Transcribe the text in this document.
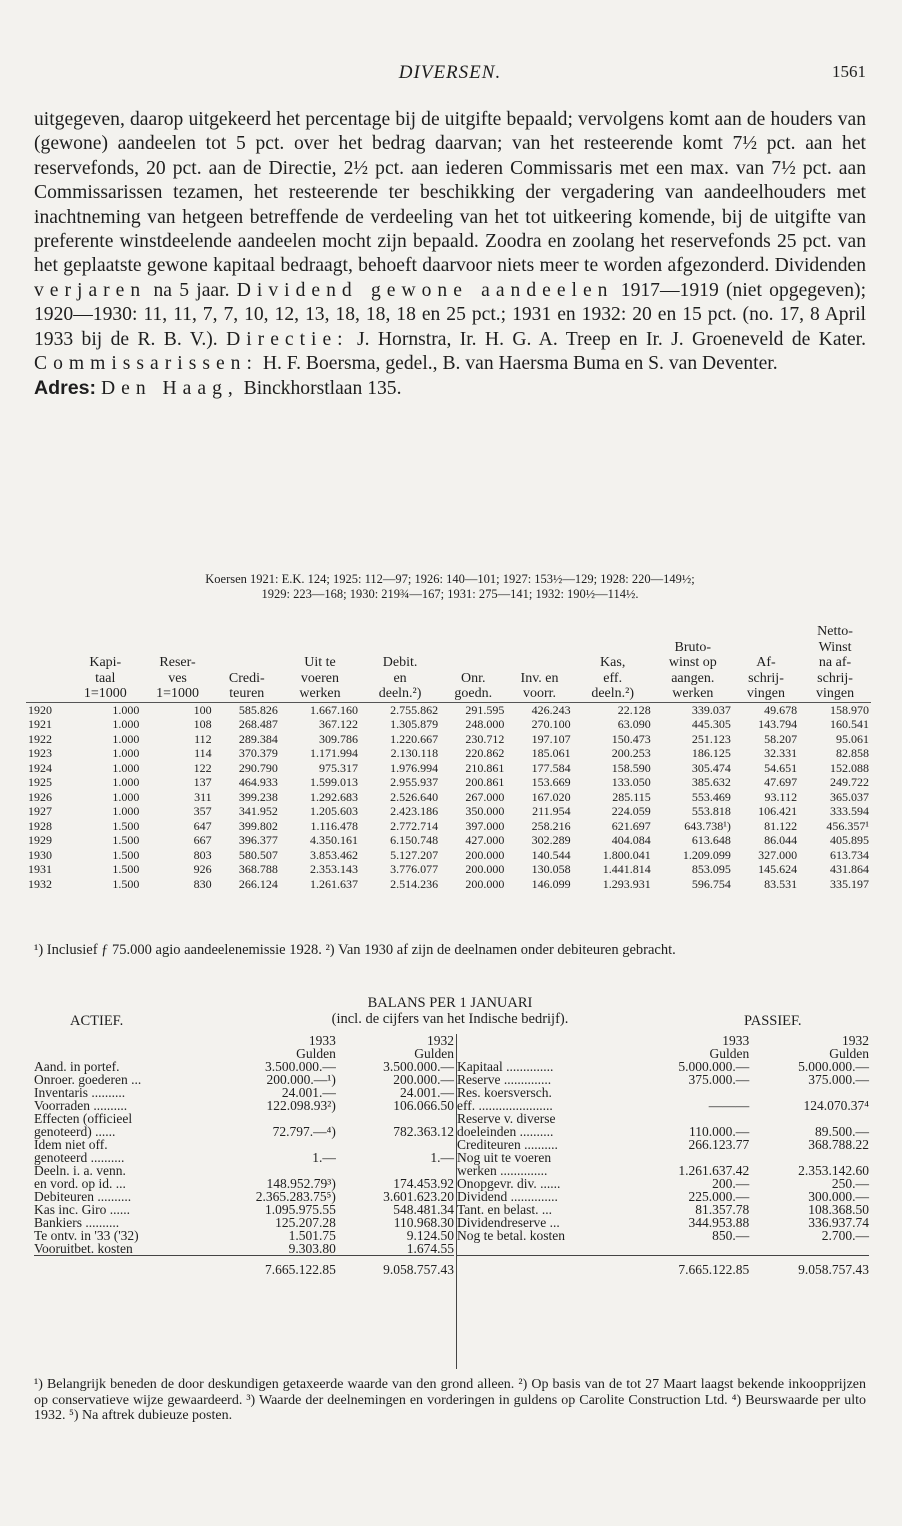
DIVERSEN.	1561

uitgegeven, daarop uitgekeerd het percentage bij de uitgifte bepaald; vervolgens komt aan de houders van (gewone) aandeelen tot 5 pct. over het bedrag daarvan; van het resteerende komt 7½ pct. aan het reservefonds, 20 pct. aan de Directie, 2½ pct. aan iederen Commissaris met een max. van 7½ pct. aan Commissarissen tezamen, het resteerende ter beschikking der vergadering van aandeelhouders met inachtneming van hetgeen betreffende de verdeeling van het tot uitkeering komende, bij de uitgifte van preferente winstdeelende aandeelen mocht zijn bepaald. Zoodra en zoolang het reservefonds 25 pct. van het geplaatste gewone kapitaal bedraagt, behoeft daarvoor niets meer te worden afgezonderd. Dividenden verjaren na 5 jaar. Dividend gewone aandeelen 1917—1919 (niet opgegeven); 1920—1930: 11, 11, 7, 7, 10, 12, 13, 18, 18, 18 en 25 pct.; 1931 en 1932: 20 en 15 pct. (no. 17, 8 April 1933 bij de R. B. V.). Directie: J. Hornstra, Ir. H. G. A. Treep en Ir. J. Groeneveld de Kater. Commissarissen: H. F. Boersma, gedel., B. van Haersma Buma en S. van Deventer.

Adres: Den Haag, Binckhorstlaan 135.

Koersen 1921: E.K. 124; 1925: 112—97; 1926: 140—101; 1927: 153½—129; 1928: 220—149½;
1929: 223—168; 1930: 219¾—167; 1931: 275—141; 1932: 190½—114½.
											Netto-
									Bruto-		Winst
	Kapi-	Reser-		Uit te	Debit.			Kas,	winst op	Af-	na af-
	taal	ves	Credi-	voeren	en	Onr.	Inv. en	eff.	aangen.	schrij-	schrij-
	1=1000	1=1000	teuren	werken	deeln.²)	goedn.	voorr.	deeln.²)	werken	vingen	vingen
1920	1.000	100	585.826	1.667.160	2.755.862	291.595	426.243	22.128	339.037	49.678	158.970
1921	1.000	108	268.487	367.122	1.305.879	248.000	270.100	63.090	445.305	143.794	160.541
1922	1.000	112	289.384	309.786	1.220.667	230.712	197.107	150.473	251.123	58.207	95.061
1923	1.000	114	370.379	1.171.994	2.130.118	220.862	185.061	200.253	186.125	32.331	82.858
1924	1.000	122	290.790	975.317	1.976.994	210.861	177.584	158.590	305.474	54.651	152.088
1925	1.000	137	464.933	1.599.013	2.955.937	200.861	153.669	133.050	385.632	47.697	249.722
1926	1.000	311	399.238	1.292.683	2.526.640	267.000	167.020	285.115	553.469	93.112	365.037
1927	1.000	357	341.952	1.205.603	2.423.186	350.000	211.954	224.059	553.818	106.421	333.594
1928	1.500	647	399.802	1.116.478	2.772.714	397.000	258.216	621.697	643.738¹)	81.122	456.357¹
1929	1.500	667	396.377	4.350.161	6.150.748	427.000	302.289	404.084	613.648	86.044	405.895
1930	1.500	803	580.507	3.853.462	5.127.207	200.000	140.544	1.800.041	1.209.099	327.000	613.734
1931	1.500	926	368.788	2.353.143	3.776.077	200.000	130.058	1.441.814	853.095	145.624	431.864
1932	1.500	830	266.124	1.261.637	2.514.236	200.000	146.099	1.293.931	596.754	83.531	335.197
¹) Inclusief ƒ 75.000 agio aandeelenemissie 1928. ²) Van 1930 af zijn de deelnamen onder debiteuren gebracht.
BALANS PER 1 JANUARI
(incl. de cijfers van het Indische bedrijf).
ACTIEF.	PASSIEF.
	1933	1932
	Gulden	Gulden
Aand. in portef.	3.500.000.—	3.500.000.—
Onroer. goederen ...	200.000.—¹)	200.000.—
Inventaris ..........	24.001.—	24.001.—
Voorraden ..........	122.098.93²)	106.066.50
Effecten (officieel		
genoteerd) ......	72.797.—⁴)	782.363.12
Idem niet off.		
genoteerd ..........	1.—	1.—
Deeln. i. a. venn.		
en vord. op id. ...	148.952.79³)	174.453.92
Debiteuren ..........	2.365.283.75⁵)	3.601.623.20
Kas inc. Giro ......	1.095.975.55	548.481.34
Bankiers ..........	125.207.28	110.968.30
Te ontv. in '33 ('32)	1.501.75	9.124.50
Vooruitbet. kosten	9.303.80	1.674.55
	7.665.122.85	9.058.757.43
	1933	1932
	Gulden	Gulden
Kapitaal ..............	5.000.000.—	5.000.000.—
Reserve ..............	375.000.—	375.000.—
Res. koersversch.		
eff. ......................	———	124.070.37⁴
Reserve v. diverse		
doeleinden ..........	110.000.—	89.500.—
Crediteuren ..........	266.123.77	368.788.22
Nog uit te voeren		
werken ..............	1.261.637.42	2.353.142.60
Onopgevr. div. ......	200.—	250.—
Dividend ..............	225.000.—	300.000.—
Tant. en belast. ...	81.357.78	108.368.50
Dividendreserve ...	344.953.88	336.937.74
Nog te betal. kosten	850.—	2.700.—

	7.665.122.85	9.058.757.43
¹) Belangrijk beneden de door deskundigen getaxeerde waarde van den grond alleen. ²) Op basis van de tot 27 Maart laagst bekende inkoopprijzen op conservatieve wijze gewaardeerd. ³) Waarde der deelnemingen en vorderingen in guldens op Carolite Construction Ltd. ⁴) Beurswaarde per ulto 1932. ⁵) Na aftrek dubieuze posten.
